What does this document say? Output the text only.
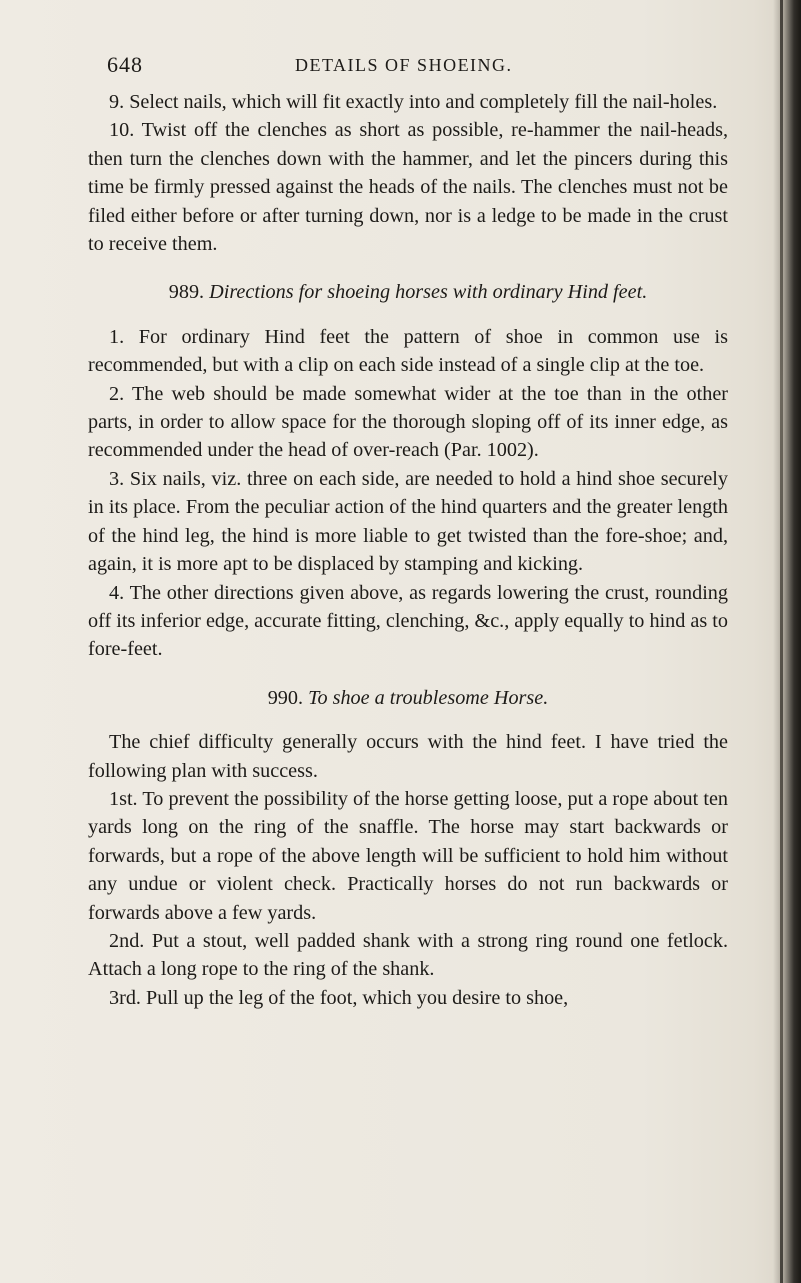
648	DETAILS OF SHOEING.

9. Select nails, which will fit exactly into and completely fill the nail-holes.

10. Twist off the clenches as short as possible, re-hammer the nail-heads, then turn the clenches down with the hammer, and let the pincers during this time be firmly pressed against the heads of the nails. The clenches must not be filed either before or after turning down, nor is a ledge to be made in the crust to receive them.

989. Directions for shoeing horses with ordinary Hind feet.

1. For ordinary Hind feet the pattern of shoe in common use is recommended, but with a clip on each side instead of a single clip at the toe.

2. The web should be made somewhat wider at the toe than in the other parts, in order to allow space for the thorough sloping off of its inner edge, as recommended under the head of over-reach (Par. 1002).

3. Six nails, viz. three on each side, are needed to hold a hind shoe securely in its place. From the peculiar action of the hind quarters and the greater length of the hind leg, the hind is more liable to get twisted than the fore-shoe; and, again, it is more apt to be displaced by stamping and kicking.

4. The other directions given above, as regards lowering the crust, rounding off its inferior edge, accurate fitting, clenching, &c., apply equally to hind as to fore-feet.

990. To shoe a troublesome Horse.

The chief difficulty generally occurs with the hind feet. I have tried the following plan with success.

1st. To prevent the possibility of the horse getting loose, put a rope about ten yards long on the ring of the snaffle. The horse may start backwards or forwards, but a rope of the above length will be sufficient to hold him without any undue or violent check. Practically horses do not run backwards or forwards above a few yards.

2nd. Put a stout, well padded shank with a strong ring round one fetlock. Attach a long rope to the ring of the shank.

3rd. Pull up the leg of the foot, which you desire to shoe,
